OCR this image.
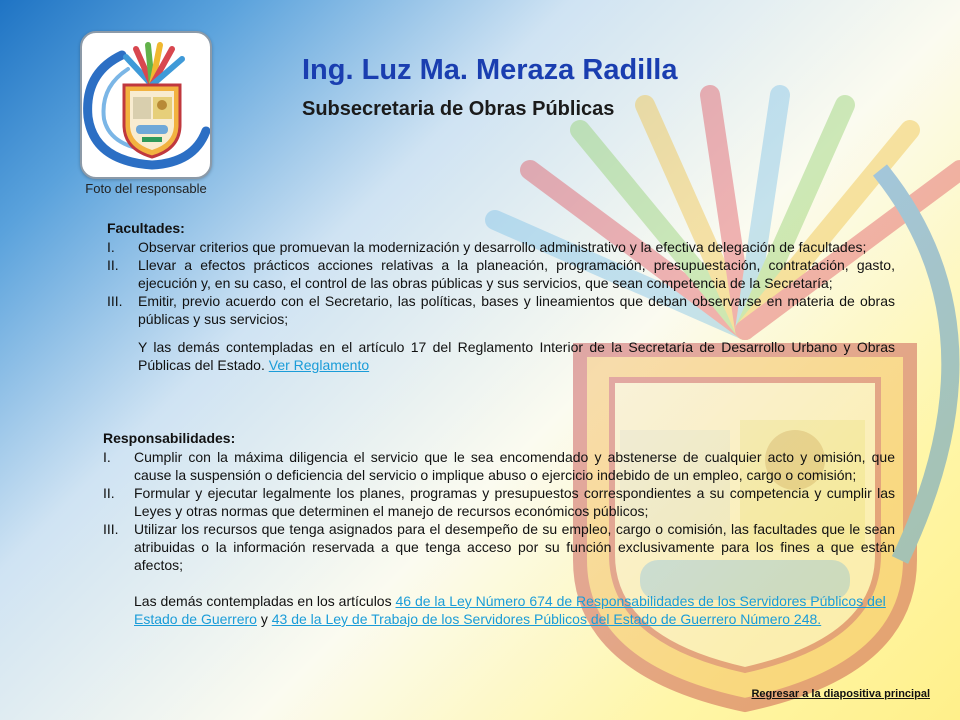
Foto del responsable
Ing. Luz Ma. Meraza Radilla
Subsecretaria de Obras Públicas
Facultades:
I.	Observar criterios que promuevan la modernización y desarrollo administrativo y la efectiva delegación de facultades;
II.	Llevar a efectos prácticos acciones relativas a la planeación, programación, presupuestación, contratación, gasto, ejecución y, en su caso, el control de las obras públicas y sus servicios, que sean competencia de la Secretaría;
III.	Emitir, previo acuerdo con el Secretario, las políticas, bases y lineamientos que deban observarse en materia de obras públicas y sus servicios;
Y las demás contempladas en el artículo 17 del Reglamento Interior de la Secretaría de Desarrollo Urbano y Obras Públicas del Estado. Ver Reglamento
Responsabilidades:
I.	Cumplir con la máxima diligencia el servicio que le sea encomendado y abstenerse de cualquier acto y omisión, que cause la suspensión o deficiencia del servicio o implique abuso o ejercicio indebido de un empleo, cargo o comisión;
II.	Formular y ejecutar legalmente los planes, programas y presupuestos correspondientes a su competencia y cumplir las Leyes y otras normas que determinen el manejo de recursos económicos públicos;
III.	Utilizar los recursos que tenga asignados para el desempeño de su empleo, cargo o comisión, las facultades que le sean atribuidas o la información reservada a que tenga acceso por su función exclusivamente para los fines a que están afectos;
Las demás contempladas en los artículos 46 de la Ley Número 674 de Responsabilidades de los Servidores Públicos del Estado de Guerrero y 43 de la Ley de Trabajo de los Servidores Públicos del Estado de Guerrero Número 248.
Regresar a la diapositiva principal
